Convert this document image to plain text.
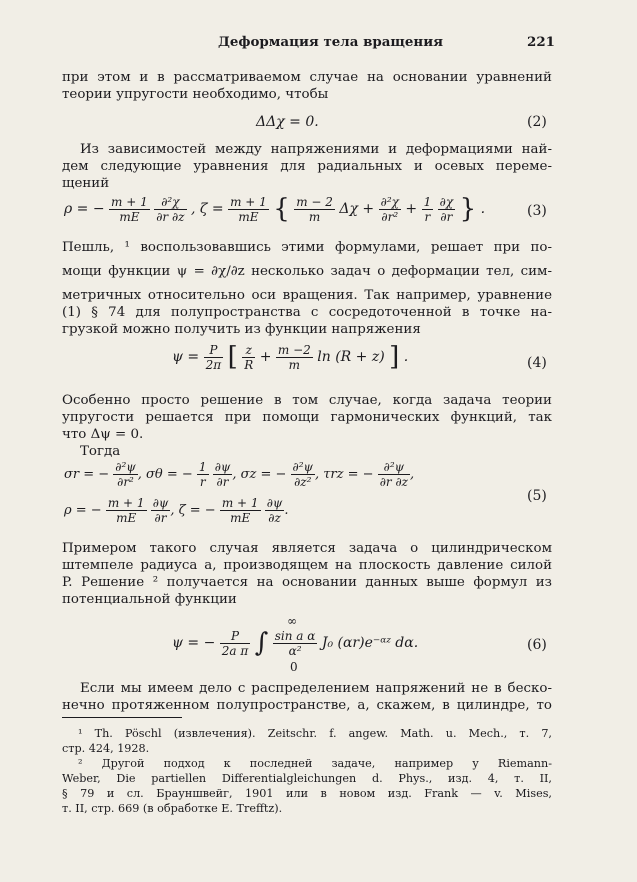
Деформация тела вращения	221
при этом и в рассматриваемом случае на основании уравнений
теории упругости необходимо, чтобы
ΔΔχ = 0.	(2)
Из зависимостей между напряжениями и деформациями най-
дем следующие уравнения для радиальных и осевых переме-
щений
ρ = − $\frac{m + 1}{mE}$
$\frac{\text{∂²χ}}{\partial r \partial z}$ , $\zeta = \frac{m + 1}{mE}$ { $\frac{m - 2}{m}$ $\Delta\chi + \frac{\text{∂²χ}}{\text{∂r²}} + \frac{1}{r}$
$\frac{\partial\chi}{\partial r}$ } .	(3)
Пешль, ¹ воспользовавшись этими формулами, решает при по-
мощи функции ψ = ∂χ/∂z несколько задач о деформации тел, сим-
метричных относительно оси вращения. Так например, уравнение
(1) § 74 для полупространства с сосредоточенной в точке на-
грузкой можно получить из функции напряжения
$\psi = \frac{P}{2\pi}$ [ $\frac{z}{R} + \frac{m -2}{m}$ ln (R + z) ] .	(4)
Особенно просто решение в том случае, когда задача теории
упругости решается при помощи гармонических функций, так
что Δψ = 0.
Тогда
σr = − $\frac{\text{∂²ψ}}{\text{∂r²}}$ , σθ = − $\frac{1}{r}$
$\frac{\partial\psi}{\partial r}$ , σz = − $\frac{\text{∂²ψ}}{\text{∂z²}}$ , τrz = − $\frac{\text{∂²ψ}}{\partial r \partial z}$ ,
ρ = − $\frac{m + 1}{mE}$
$\frac{\partial\psi}{\partial r}$ , ζ = − $\frac{m + 1}{mE}$
$\frac{\partial\psi}{\partial z}$ .
(5)
Примером такого случая является задача о цилиндрическом
штемпеле радиуса a, производящем на плоскость давление силой
P. Решение ² получается на основании данных выше формул из
потенциальной функции
ψ = − $\frac{P}{\text{2a π}}$ ∫ $\frac{\text{sin a α}}{\text{α²}} J_0$ (αr)e⁻ᵅᶻ dα.
∞
0
(6)
Если мы имеем дело с распределением напряжений не в беско-
нечно протяженном полупространстве, а, скажем, в цилиндре, то
¹ Th. Pöschl (извлечения). Zeitschr. f. angew. Math. u. Mech., т. 7,
стр. 424, 1928.
² Другой подход к последней задаче, например у Riemann-
Weber, Die partiellen Differentialgleichungen d. Phys., изд. 4, т. II,
§ 79 и сл. Брауншвейг, 1901 или в новом изд. Frank — v. Mises,
т. II, стр. 669 (в обработке E. Trefftz).
